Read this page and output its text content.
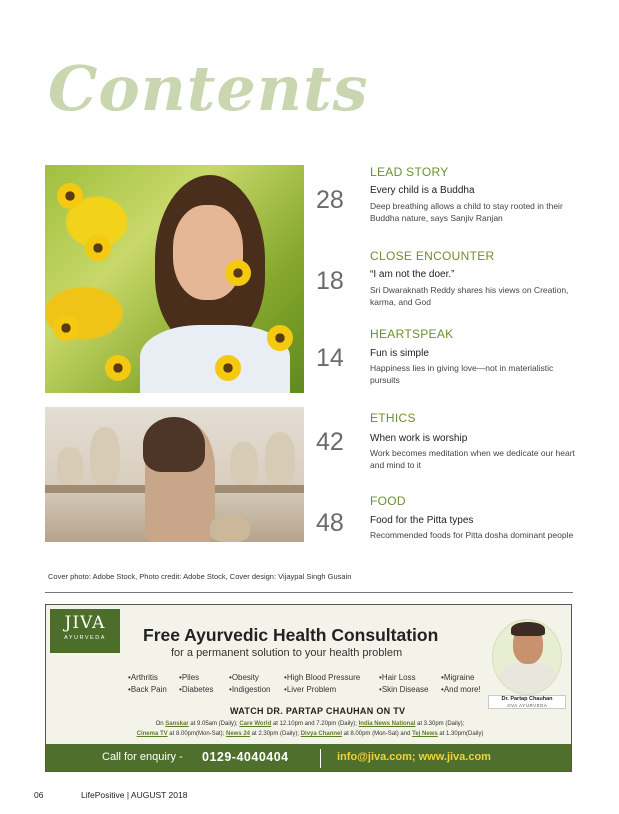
Contents
LEAD STORY
28	Every child is a Buddha
Deep breathing allows a child to stay rooted in their Buddha nature, says Sanjiv Ranjan
CLOSE ENCOUNTER
18	“I am not the doer.”
Sri Dwaraknath Reddy shares his views on Creation, karma, and God
HEARTSPEAK
14	Fun is simple
Happiness lies in giving love—not in materialistic pursuits
ETHICS
42	When work is worship
Work becomes meditation when we dedicate our heart and mind to it
FOOD
48	Food for the Pitta types
Recommended foods for Pitta dosha dominant people
Cover photo: Adobe Stock, Photo credit: Adobe Stock, Cover design: Vijaypal Singh Gusain
JIVA
AYURVEDA	Free Ayurvedic Health Consultation
for a permanent solution to your health problem
• Arthritis
• Back Pain
• Piles
• Diabetes
• Obesity
• Indigestion
• High Blood Pressure
• Liver Problem
• Hair Loss
• Skin Disease
• Migraine
• And more!
Dr. Partap Chauhan
JIVA AYURVEDA
WATCH DR. PARTAP CHAUHAN ON TV
On Sanskar at 9.05am (Daily); Care World at 12.10pm and 7.20pm (Daily); India News National at 3.30pm (Daily);
Cinema TV at 8.00pm(Mon-Sat); News 24 at 2.30pm (Daily); Divya Channel at 8.00pm (Mon-Sat) and Tej News at 1.30pm(Daily)
Call for enquiry - 0129-4040404	info@jiva.com; www.jiva.com
06	LifePositive | AUGUST 2018
